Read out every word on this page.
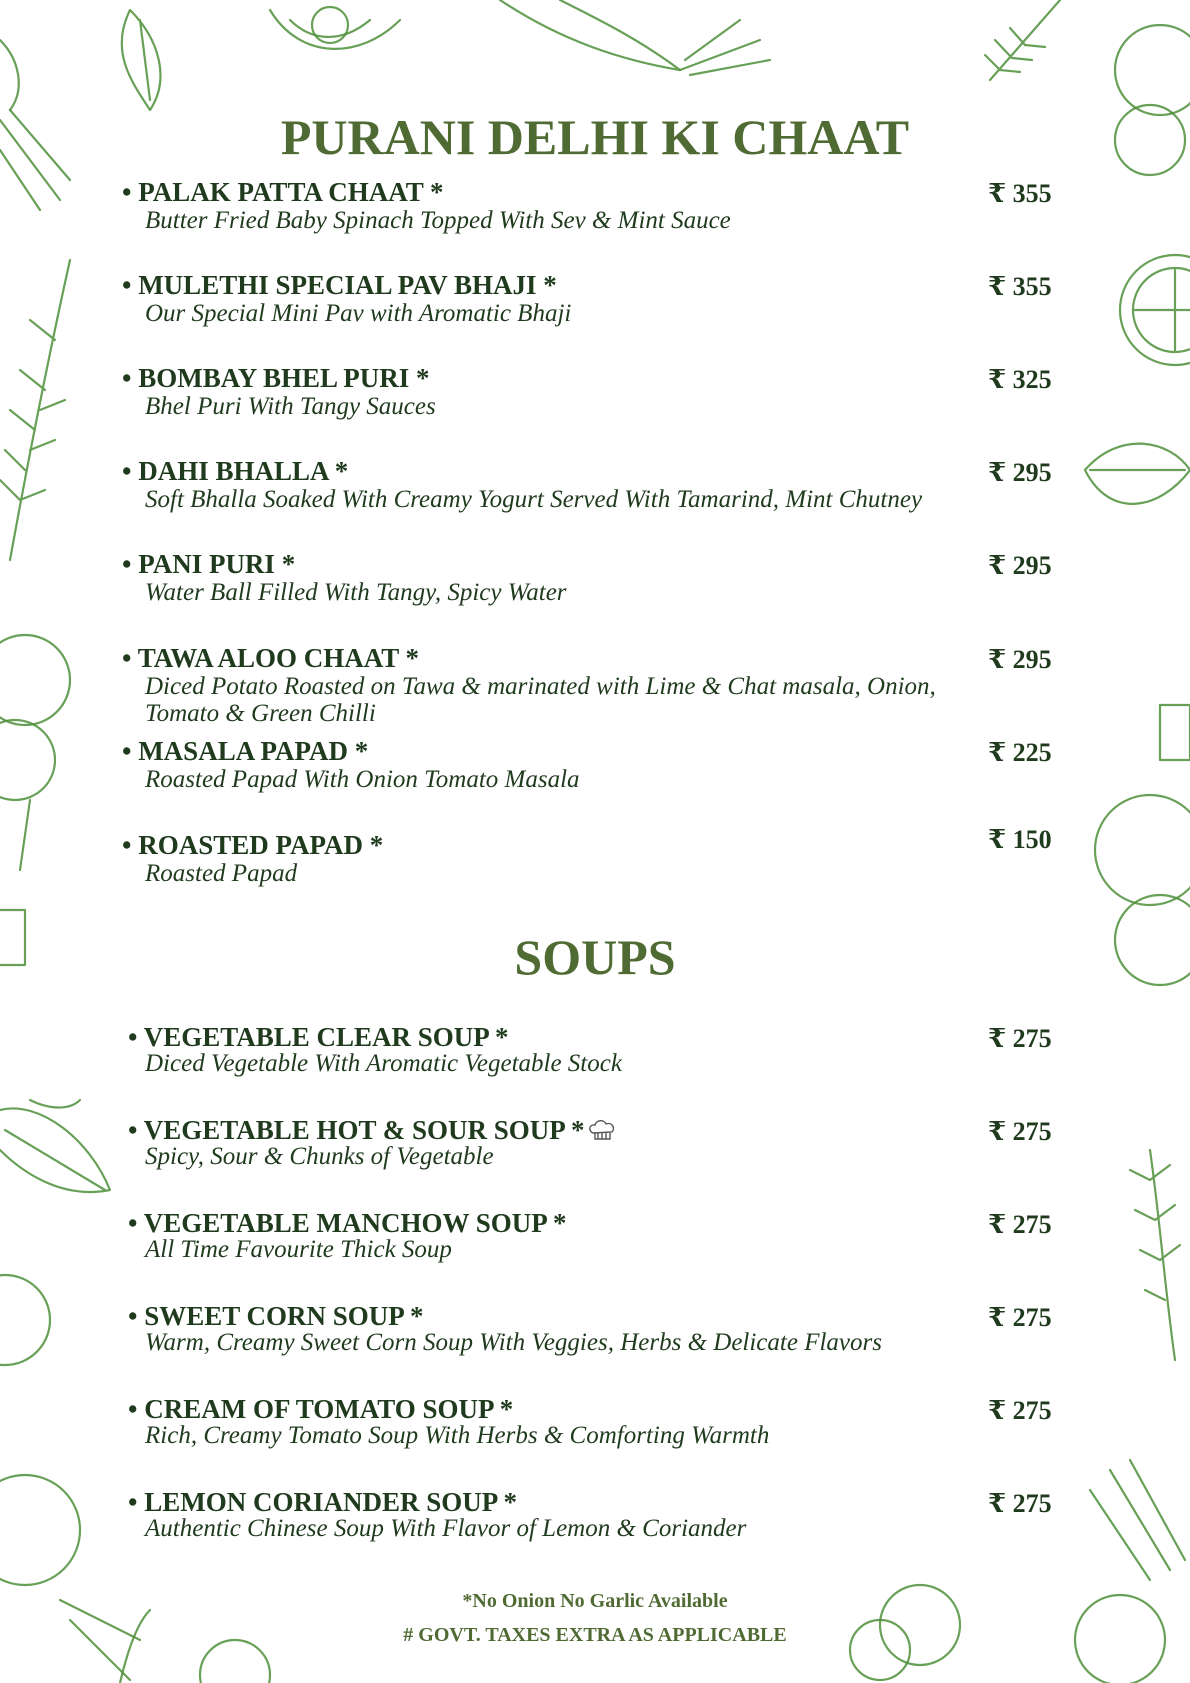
PURANI DELHI KI CHAAT
• PALAK PATTA CHAAT *
Butter Fried Baby Spinach Topped With Sev & Mint Sauce
₹ 355
• MULETHI SPECIAL PAV BHAJI *
Our Special Mini Pav with Aromatic Bhaji
₹ 355
• BOMBAY BHEL PURI *
Bhel Puri With Tangy Sauces
₹ 325
• DAHI BHALLA *
Soft Bhalla Soaked With Creamy Yogurt Served With Tamarind, Mint Chutney
₹ 295
• PANI PURI *
Water Ball Filled With Tangy, Spicy Water
₹ 295
• TAWA ALOO CHAAT *
Diced Potato Roasted on Tawa & marinated with Lime & Chat masala, Onion, Tomato & Green Chilli
₹ 295
• MASALA PAPAD *
Roasted Papad With Onion Tomato Masala
₹ 225
• ROASTED PAPAD *
Roasted Papad
₹ 150
SOUPS
• VEGETABLE CLEAR SOUP *
Diced Vegetable With Aromatic Vegetable Stock
₹ 275
• VEGETABLE HOT & SOUR SOUP *
Spicy, Sour & Chunks of Vegetable
₹ 275
• VEGETABLE MANCHOW SOUP *
All Time Favourite Thick Soup
₹ 275
• SWEET CORN SOUP *
Warm, Creamy Sweet Corn Soup With Veggies, Herbs & Delicate Flavors
₹ 275
• CREAM OF TOMATO SOUP *
Rich, Creamy Tomato Soup With Herbs & Comforting Warmth
₹ 275
• LEMON CORIANDER SOUP *
Authentic Chinese Soup With Flavor of Lemon & Coriander
₹ 275
*No Onion No Garlic Available
# GOVT. TAXES EXTRA AS APPLICABLE
